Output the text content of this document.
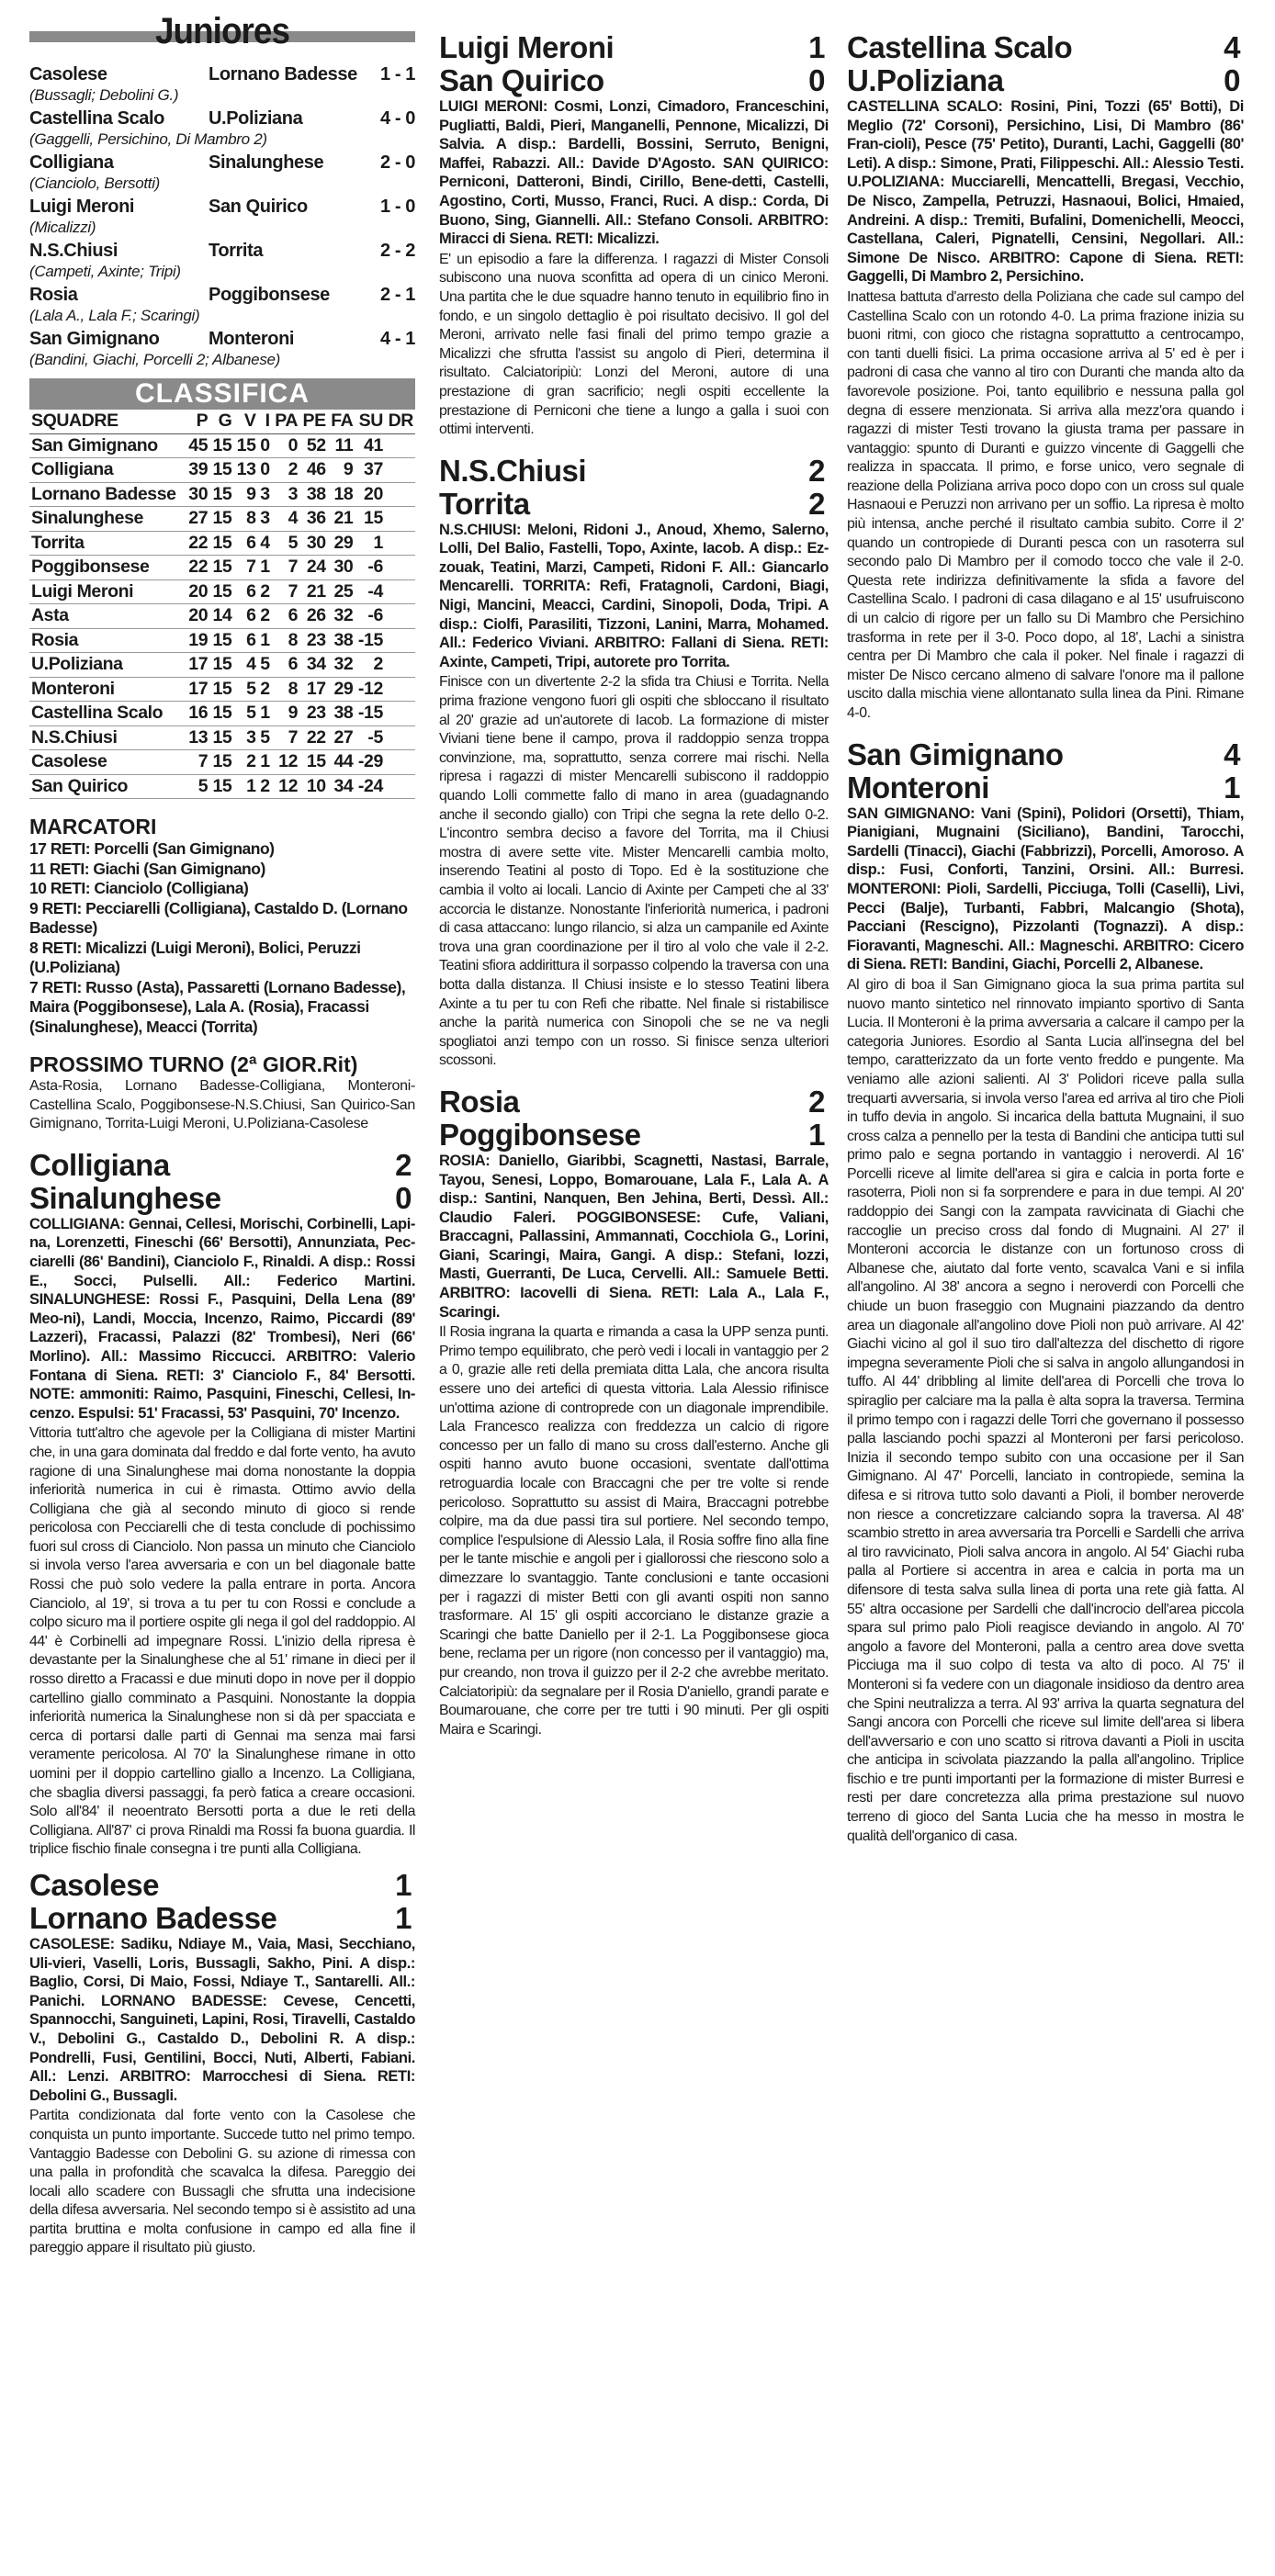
Juniores
Casolese	Lornano Badesse	1 - 1
(Bussagli; Debolini G.)
Castellina Scalo	U.Poliziana	4 - 0
(Gaggelli, Persichino, Di Mambro 2)
Colligiana	Sinalunghese	2 - 0
(Cianciolo, Bersotti)
Luigi Meroni	San Quirico	1 - 0
(Micalizzi)
N.S.Chiusi	Torrita	2 - 2
(Campeti, Axinte; Tripi)
Rosia	Poggibonsese	2 - 1
(Lala A., Lala F.; Scaringi)
San Gimignano	Monteroni	4 - 1
(Bandini, Giachi, Porcelli 2; Albanese)
CLASSIFICA
SQUADRE	P	G	V	I	PA	PE	FA	SU	DR
San Gimignano	45	15	15	0	0	52	11	41	
Colligiana	39	15	13	0	2	46	9	37	
Lornano Badesse	30	15	9	3	3	38	18	20	
Sinalunghese	27	15	8	3	4	36	21	15	
Torrita	22	15	6	4	5	30	29	1	
Poggibonsese	22	15	7	1	7	24	30	-6	
Luigi Meroni	20	15	6	2	7	21	25	-4	
Asta	20	14	6	2	6	26	32	-6	
Rosia	19	15	6	1	8	23	38	-15	
U.Poliziana	17	15	4	5	6	34	32	2	
Monteroni	17	15	5	2	8	17	29	-12	
Castellina Scalo	16	15	5	1	9	23	38	-15	
N.S.Chiusi	13	15	3	5	7	22	27	-5	
Casolese	7	15	2	1	12	15	44	-29	
San Quirico	5	15	1	2	12	10	34	-24	
MARCATORI
17 RETI: Porcelli (San Gimignano)
11 RETI: Giachi (San Gimignano)
10 RETI: Cianciolo (Colligiana)
9 RETI: Pecciarelli (Colligiana), Castaldo D. (Lornano Badesse)
8 RETI: Micalizzi (Luigi Meroni), Bolici, Peruzzi (U.Poliziana)
7 RETI: Russo (Asta), Passaretti (Lornano Badesse), Maira (Poggibonsese), Lala A. (Rosia), Fracassi (Sinalunghese), Meacci (Torrita)
PROSSIMO TURNO (2ª GIOR.Rit)
Asta-Rosia, Lornano Badesse-Colligiana, Monteroni-Castellina Scalo, Poggibonsese-N.S.Chiusi, San Quirico-San Gimignano, Torrita-Luigi Meroni, U.Poliziana-Casolese
Colligiana	2
Sinalunghese	0
COLLIGIANA: Gennai, Cellesi, Morischi, Corbinelli, Lapi-na, Lorenzetti, Fineschi (66' Bersotti), Annunziata, Pec-ciarelli (86' Bandini), Cianciolo F., Rinaldi. A disp.: Rossi E., Socci, Pulselli. All.: Federico Martini. SINALUNGHESE: Rossi F., Pasquini, Della Lena (89' Meo-ni), Landi, Moccia, Incenzo, Raimo, Piccardi (89' Lazzeri), Fracassi, Palazzi (82' Trombesi), Neri (66' Morlino). All.: Massimo Riccucci. ARBITRO: Valerio Fontana di Siena. RETI: 3' Cianciolo F., 84' Bersotti. NOTE: ammoniti: Raimo, Pasquini, Fineschi, Cellesi, In-cenzo. Espulsi: 51' Fracassi, 53' Pasquini, 70' Incenzo.
Vittoria tutt'altro che agevole per la Colligiana di mister Martini che, in una gara dominata dal freddo e dal forte vento, ha avuto ragione di una Sinalunghese mai doma nonostante la doppia inferiorità numerica in cui è rimasta. Ottimo avvio della Colligiana che già al secondo minuto di gioco si rende pericolosa con Pecciarelli che di testa conclude di pochissimo fuori sul cross di Cianciolo. Non passa un minuto che Cianciolo si invola verso l'area avversaria e con un bel diagonale batte Rossi che può solo vedere la palla entrare in porta. Ancora Cianciolo, al 19', si trova a tu per tu con Rossi e conclude a colpo sicuro ma il portiere ospite gli nega il gol del raddoppio. Al 44' è Corbinelli ad impegnare Rossi. L'inizio della ripresa è devastante per la Sinalunghese che al 51' rimane in dieci per il rosso diretto a Fracassi e due minuti dopo in nove per il doppio cartellino giallo comminato a Pasquini. Nonostante la doppia inferiorità numerica la Sinalunghese non si dà per spacciata e cerca di portarsi dalle parti di Gennai ma senza mai farsi veramente pericolosa. Al 70' la Sinalunghese rimane in otto uomini per il doppio cartellino giallo a Incenzo. La Colligiana, che sbaglia diversi passaggi, fa però fatica a creare occasioni. Solo all'84' il neoentrato Bersotti porta a due le reti della Colligiana. All'87' ci prova Rinaldi ma Rossi fa buona guardia. Il triplice fischio finale consegna i tre punti alla Colligiana.
Casolese	1
Lornano Badesse	1
CASOLESE: Sadiku, Ndiaye M., Vaia, Masi, Secchiano, Uli-vieri, Vaselli, Loris, Bussagli, Sakho, Pini. A disp.: Baglio, Corsi, Di Maio, Fossi, Ndiaye T., Santarelli. All.: Panichi. LORNANO BADESSE: Cevese, Cencetti, Spannocchi, Sanguineti, Lapini, Rosi, Tiravelli, Castaldo V., Debolini G., Castaldo D., Debolini R. A disp.: Pondrelli, Fusi, Gentilini, Bocci, Nuti, Alberti, Fabiani. All.: Lenzi. ARBITRO: Marrocchesi di Siena. RETI: Debolini G., Bussagli.
Partita condizionata dal forte vento con la Casolese che conquista un punto importante. Succede tutto nel primo tempo. Vantaggio Badesse con Debolini G. su azione di rimessa con una palla in profondità che scavalca la difesa. Pareggio dei locali allo scadere con Bussagli che sfrutta una indecisione della difesa avversaria. Nel secondo tempo si è assistito ad una partita bruttina e molta confusione in campo ed alla fine il pareggio appare il risultato più giusto.
Luigi Meroni	1
San Quirico	0
LUIGI MERONI: Cosmi, Lonzi, Cimadoro, Franceschini, Pugliatti, Baldi, Pieri, Manganelli, Pennone, Micalizzi, Di Salvia. A disp.: Bardelli, Bossini, Serruto, Benigni, Maffei, Rabazzi. All.: Davide D'Agosto. SAN QUIRICO: Perniconi, Datteroni, Bindi, Cirillo, Bene-detti, Castelli, Agostino, Corti, Musso, Franci, Ruci. A disp.: Corda, Di Buono, Sing, Giannelli. All.: Stefano Consoli. ARBITRO: Miracci di Siena. RETI: Micalizzi.
E' un episodio a fare la differenza. I ragazzi di Mister Consoli subiscono una nuova sconfitta ad opera di un cinico Meroni. Una partita che le due squadre hanno tenuto in equilibrio fino in fondo, e un singolo dettaglio è poi risultato decisivo. Il gol del Meroni, arrivato nelle fasi finali del primo tempo grazie a Micalizzi che sfrutta l'assist su angolo di Pieri, determina il risultato. Calciatoripiù: Lonzi del Meroni, autore di una prestazione di gran sacrificio; negli ospiti eccellente la prestazione di Perniconi che tiene a lungo a galla i suoi con ottimi interventi.
N.S.Chiusi	2
Torrita	2
N.S.CHIUSI: Meloni, Ridoni J., Anoud, Xhemo, Salerno, Lolli, Del Balio, Fastelli, Topo, Axinte, Iacob. A disp.: Ez-zouak, Teatini, Marzi, Campeti, Ridoni F. All.: Giancarlo Mencarelli. TORRITA: Refi, Fratagnoli, Cardoni, Biagi, Nigi, Mancini, Meacci, Cardini, Sinopoli, Doda, Tripi. A disp.: Ciolfi, Parasiliti, Tizzoni, Lanini, Marra, Mohamed. All.: Federico Viviani. ARBITRO: Fallani di Siena. RETI: Axinte, Campeti, Tripi, autorete pro Torrita.
Finisce con un divertente 2-2 la sfida tra Chiusi e Torrita. Nella prima frazione vengono fuori gli ospiti che sbloccano il risultato al 20' grazie ad un'autorete di Iacob. La formazione di mister Viviani tiene bene il campo, prova il raddoppio senza troppa convinzione, ma, soprattutto, senza correre mai rischi. Nella ripresa i ragazzi di mister Mencarelli subiscono il raddoppio quando Lolli commette fallo di mano in area (guadagnando anche il secondo giallo) con Tripi che segna la rete dello 0-2. L'incontro sembra deciso a favore del Torrita, ma il Chiusi mostra di avere sette vite. Mister Mencarelli cambia molto, inserendo Teatini al posto di Topo. Ed è la sostituzione che cambia il volto ai locali. Lancio di Axinte per Campeti che al 33' accorcia le distanze. Nonostante l'inferiorità numerica, i padroni di casa attaccano: lungo rilancio, si alza un campanile ed Axinte trova una gran coordinazione per il tiro al volo che vale il 2-2. Teatini sfiora addirittura il sorpasso colpendo la traversa con una botta dalla distanza. Il Chiusi insiste e lo stesso Teatini libera Axinte a tu per tu con Refi che ribatte. Nel finale si ristabilisce anche la parità numerica con Sinopoli che se ne va negli spogliatoi anzi tempo con un rosso. Si finisce senza ulteriori scossoni.
Rosia	2
Poggibonsese	1
ROSIA: Daniello, Giaribbi, Scagnetti, Nastasi, Barrale, Tayou, Senesi, Loppo, Bomarouane, Lala F., Lala A. A disp.: Santini, Nanquen, Ben Jehina, Berti, Dessì. All.: Claudio Faleri. POGGIBONSESE: Cufe, Valiani, Braccagni, Pallassini, Ammannati, Cocchiola G., Lorini, Giani, Scaringi, Maira, Gangi. A disp.: Stefani, Iozzi, Masti, Guerranti, De Luca, Cervelli. All.: Samuele Betti. ARBITRO: Iacovelli di Siena. RETI: Lala A., Lala F., Scaringi.
Il Rosia ingrana la quarta e rimanda a casa la UPP senza punti. Primo tempo equilibrato, che però vedi i locali in vantaggio per 2 a 0, grazie alle reti della premiata ditta Lala, che ancora risulta essere uno dei artefici di questa vittoria. Lala Alessio rifinisce un'ottima azione di controprede con un diagonale imprendibile. Lala Francesco realizza con freddezza un calcio di rigore concesso per un fallo di mano su cross dall'esterno. Anche gli ospiti hanno avuto buone occasioni, sventate dall'ottima retroguardia locale con Braccagni che per tre volte si rende pericoloso. Soprattutto su assist di Maira, Braccagni potrebbe colpire, ma da due passi tira sul portiere. Nel secondo tempo, complice l'espulsione di Alessio Lala, il Rosia soffre fino alla fine per le tante mischie e angoli per i giallorossi che riescono solo a dimezzare lo svantaggio. Tante conclusioni e tante occasioni per i ragazzi di mister Betti con gli avanti ospiti non sanno trasformare. Al 15' gli ospiti accorciano le distanze grazie a Scaringi che batte Daniello per il 2-1. La Poggibonsese gioca bene, reclama per un rigore (non concesso per il vantaggio) ma, pur creando, non trova il guizzo per il 2-2 che avrebbe meritato. Calciatoripiù: da segnalare per il Rosia D'aniello, grandi parate e Boumarouane, che corre per tre tutti i 90 minuti. Per gli ospiti Maira e Scaringi.
Castellina Scalo	4
U.Poliziana	0
CASTELLINA SCALO: Rosini, Pini, Tozzi (65' Botti), Di Meglio (72' Corsoni), Persichino, Lisi, Di Mambro (86' Fran-cioli), Pesce (75' Petito), Duranti, Lachi, Gaggelli (80' Leti). A disp.: Simone, Prati, Filippeschi. All.: Alessio Testi. U.POLIZIANA: Mucciarelli, Mencattelli, Bregasi, Vecchio, De Nisco, Zampella, Petruzzi, Hasnaoui, Bolici, Hmaied, Andreini. A disp.: Tremiti, Bufalini, Domenichelli, Meocci, Castellana, Caleri, Pignatelli, Censini, Negollari. All.: Simone De Nisco. ARBITRO: Capone di Siena. RETI: Gaggelli, Di Mambro 2, Persichino.
Inattesa battuta d'arresto della Poliziana che cade sul campo del Castellina Scalo con un rotondo 4-0. La prima frazione inizia su buoni ritmi, con gioco che ristagna soprattutto a centrocampo, con tanti duelli fisici. La prima occasione arriva al 5' ed è per i padroni di casa che vanno al tiro con Duranti che manda alto da favorevole posizione. Poi, tanto equilibrio e nessuna palla gol degna di essere menzionata. Si arriva alla mezz'ora quando i ragazzi di mister Testi trovano la giusta trama per passare in vantaggio: spunto di Duranti e guizzo vincente di Gaggelli che realizza in spaccata. Il primo, e forse unico, vero segnale di reazione della Poliziana arriva poco dopo con un cross sul quale Hasnaoui e Peruzzi non arrivano per un soffio. La ripresa è molto più intensa, anche perché il risultato cambia subito. Corre il 2' quando un contropiede di Duranti pesca con un rasoterra sul secondo palo Di Mambro per il comodo tocco che vale il 2-0. Questa rete indirizza definitivamente la sfida a favore del Castellina Scalo. I padroni di casa dilagano e al 15' usufruiscono di un calcio di rigore per un fallo su Di Mambro che Persichino trasforma in rete per il 3-0. Poco dopo, al 18', Lachi a sinistra centra per Di Mambro che cala il poker. Nel finale i ragazzi di mister De Nisco cercano almeno di salvare l'onore ma il pallone uscito dalla mischia viene allontanato sulla linea da Pini. Rimane 4-0.
San Gimignano	4
Monteroni	1
SAN GIMIGNANO: Vani (Spini), Polidori (Orsetti), Thiam, Pianigiani, Mugnaini (Siciliano), Bandini, Tarocchi, Sardelli (Tinacci), Giachi (Fabbrizzi), Porcelli, Amoroso. A disp.: Fusi, Conforti, Tanzini, Orsini. All.: Burresi. MONTERONI: Pioli, Sardelli, Picciuga, Tolli (Caselli), Livi, Pecci (Balje), Turbanti, Fabbri, Malcangio (Shota), Pacciani (Rescigno), Pizzolanti (Tognazzi). A disp.: Fioravanti, Magneschi. All.: Magneschi. ARBITRO: Cicero di Siena. RETI: Bandini, Giachi, Porcelli 2, Albanese.
Al giro di boa il San Gimignano gioca la sua prima partita sul nuovo manto sintetico nel rinnovato impianto sportivo di Santa Lucia. Il Monteroni è la prima avversaria a calcare il campo per la categoria Juniores. Esordio al Santa Lucia all'insegna del bel tempo, caratterizzato da un forte vento freddo e pungente. Ma veniamo alle azioni salienti. Al 3' Polidori riceve palla sulla trequarti avversaria, si invola verso l'area ed arriva al tiro che Pioli in tuffo devia in angolo. Si incarica della battuta Mugnaini, il suo cross calza a pennello per la testa di Bandini che anticipa tutti sul primo palo e segna portando in vantaggio i neroverdi. Al 16' Porcelli riceve al limite dell'area si gira e calcia in porta forte e rasoterra, Pioli non si fa sorprendere e para in due tempi. Al 20' raddoppio dei Sangi con la zampata ravvicinata di Giachi che raccoglie un preciso cross dal fondo di Mugnaini. Al 27' il Monteroni accorcia le distanze con un fortunoso cross di Albanese che, aiutato dal forte vento, scavalca Vani e si infila all'angolino. Al 38' ancora a segno i neroverdi con Porcelli che chiude un buon fraseggio con Mugnaini piazzando da dentro area un diagonale all'angolino dove Pioli non può arrivare. Al 42' Giachi vicino al gol il suo tiro dall'altezza del dischetto di rigore impegna severamente Pioli che si salva in angolo allungandosi in tuffo. Al 44' dribbling al limite dell'area di Porcelli che trova lo spiraglio per calciare ma la palla è alta sopra la traversa. Termina il primo tempo con i ragazzi delle Torri che governano il possesso palla lasciando pochi spazzi al Monteroni per farsi pericoloso. Inizia il secondo tempo subito con una occasione per il San Gimignano. Al 47' Porcelli, lanciato in contropiede, semina la difesa e si ritrova tutto solo davanti a Pioli, il bomber neroverde non riesce a concretizzare calciando sopra la traversa. Al 48' scambio stretto in area avversaria tra Porcelli e Sardelli che arriva al tiro ravvicinato, Pioli salva ancora in angolo. Al 54' Giachi ruba palla al Portiere si accentra in area e calcia in porta ma un difensore di testa salva sulla linea di porta una rete già fatta. Al 55' altra occasione per Sardelli che dall'incrocio dell'area piccola spara sul primo palo Pioli reagisce deviando in angolo. Al 70' angolo a favore del Monteroni, palla a centro area dove svetta Picciuga ma il suo colpo di testa va alto di poco. Al 75' il Monteroni si fa vedere con un diagonale insidioso da dentro area che Spini neutralizza a terra. Al 93' arriva la quarta segnatura del Sangi ancora con Porcelli che riceve sul limite dell'area si libera dell'avversario e con uno scatto si ritrova davanti a Pioli in uscita che anticipa in scivolata piazzando la palla all'angolino. Triplice fischio e tre punti importanti per la formazione di mister Burresi e resti per dare concretezza alla prima prestazione sul nuovo terreno di gioco del Santa Lucia che ha messo in mostra le qualità dell'organico di casa.
